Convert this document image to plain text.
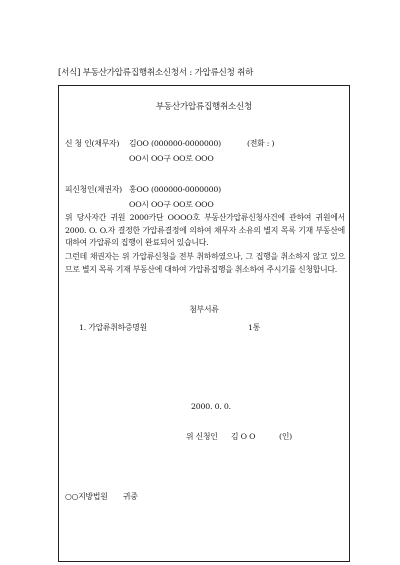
[서식] 부동산가압류집행취소신청서 : 가압류신청 취하
부동산가압류집행취소신청
신 청 인(채무자) 김OO (000000-0000000)	(전화 : )
OO시 OO구 OO로 OOO
피신청인(채권자) 홍OO (000000-0000000)
OO시 OO구 OO로 OOO
위 당사자간 귀원 2000카단 OOOO호 부동산가압류신청사건에 관하여 귀원에서 2000. O. O.자 결정한 가압류결정에 의하여 채무자 소유의 별지 목록 기재 부동산에 대하여 가압류의 집행이 완료되어 있습니다.
그런데 채권자는 위 가압류신청을 전부 취하하였으나, 그 집행을 취소하지 않고 있으므로 별지 목록 기재 부동산에 대하여 가압류집행을 취소하여 주시기를 신청합니다.
첨부서류
1. 가압류취하증명원	1통
2000. 0. 0.
위 신청인 김 O O	(인)
○○지방법원 귀중
